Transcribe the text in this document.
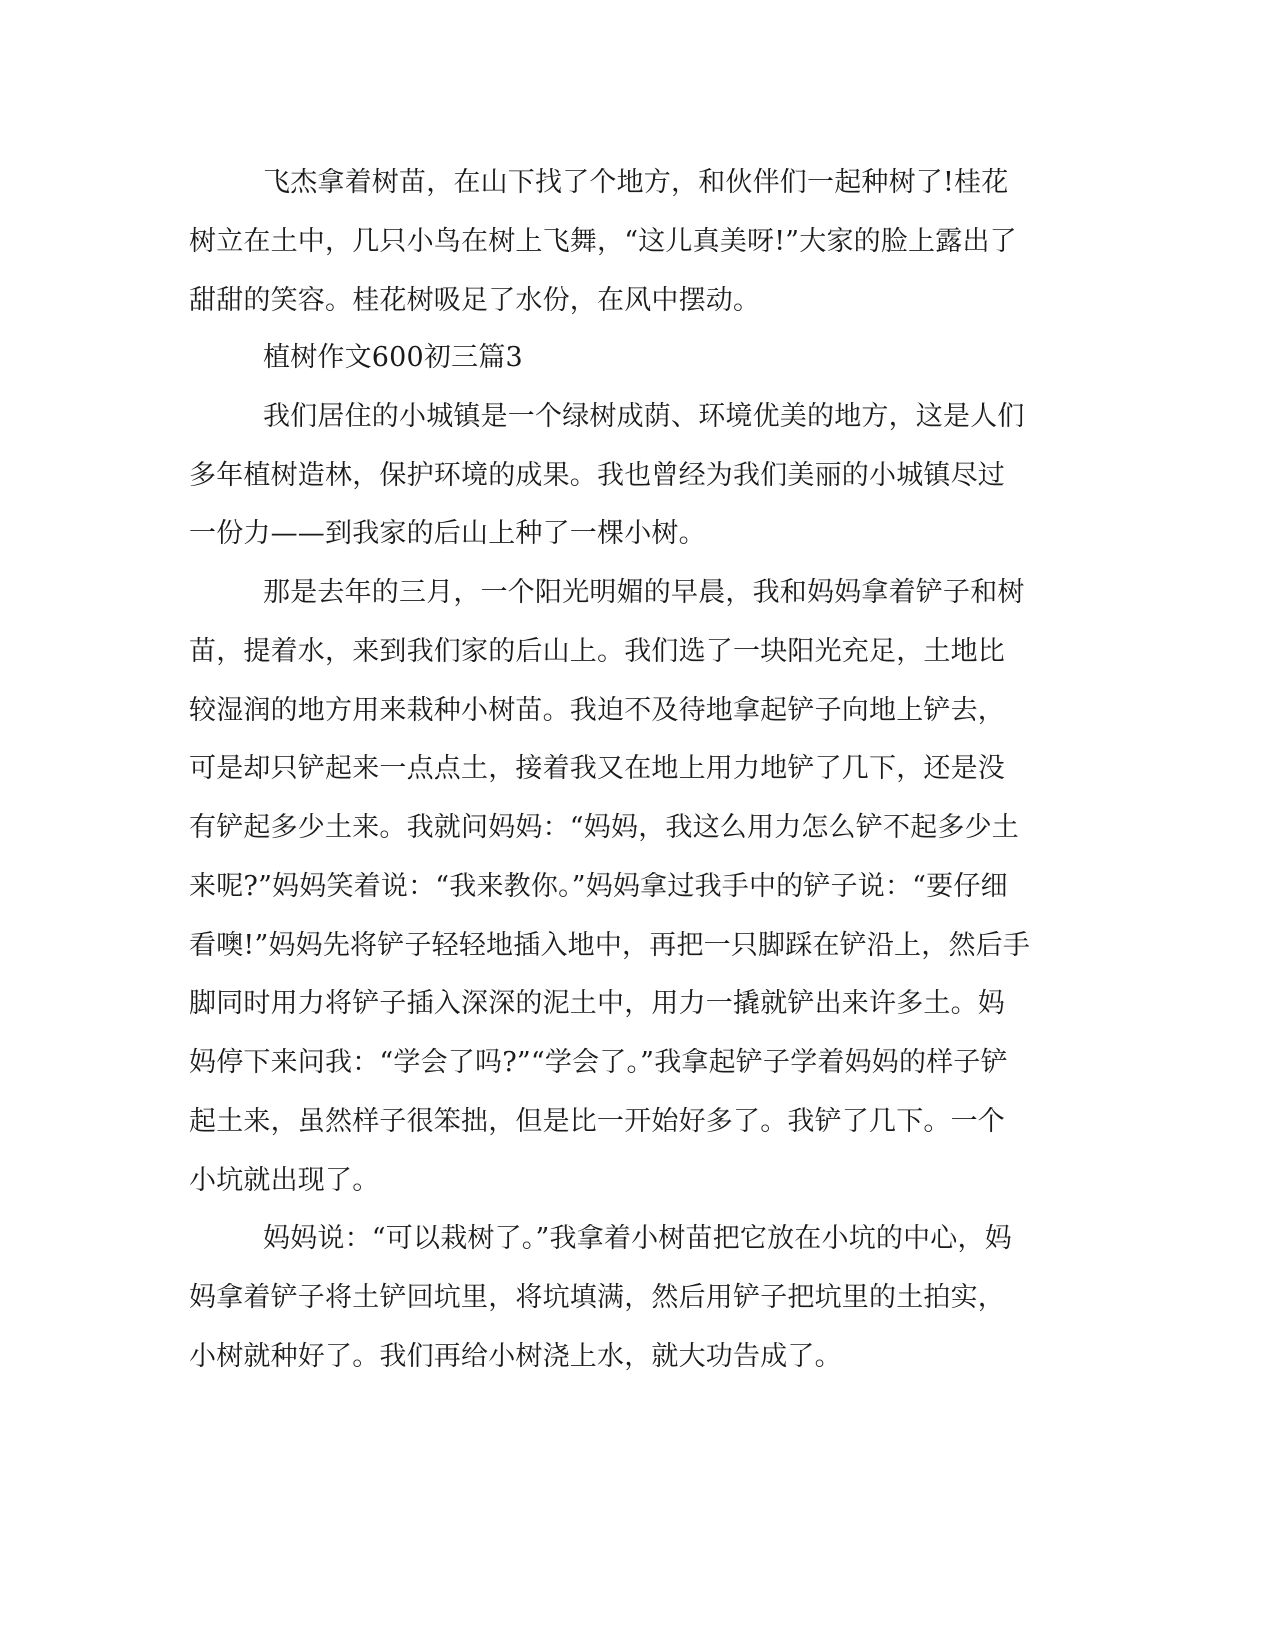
飞杰拿着树苗，在山下找了个地方，和伙伴们一起种树了!桂花

树立在土中，几只小鸟在树上飞舞，“这儿真美呀!”大家的脸上露出了

甜甜的笑容。桂花树吸足了水份，在风中摆动。

植树作文600初三篇3

我们居住的小城镇是一个绿树成荫、环境优美的地方，这是人们

多年植树造林，保护环境的成果。我也曾经为我们美丽的小城镇尽过

一份力——到我家的后山上种了一棵小树。

那是去年的三月，一个阳光明媚的早晨，我和妈妈拿着铲子和树

苗，提着水，来到我们家的后山上。我们选了一块阳光充足，土地比

较湿润的地方用来栽种小树苗。我迫不及待地拿起铲子向地上铲去，

可是却只铲起来一点点土，接着我又在地上用力地铲了几下，还是没

有铲起多少土来。我就问妈妈：“妈妈，我这么用力怎么铲不起多少土

来呢?”妈妈笑着说：“我来教你。”妈妈拿过我手中的铲子说：“要仔细

看噢!”妈妈先将铲子轻轻地插入地中，再把一只脚踩在铲沿上，然后手

脚同时用力将铲子插入深深的泥土中，用力一撬就铲出来许多土。妈

妈停下来问我：“学会了吗?”“学会了。”我拿起铲子学着妈妈的样子铲

起土来，虽然样子很笨拙，但是比一开始好多了。我铲了几下。一个

小坑就出现了。

妈妈说：“可以栽树了。”我拿着小树苗把它放在小坑的中心，妈

妈拿着铲子将土铲回坑里，将坑填满，然后用铲子把坑里的土拍实，

小树就种好了。我们再给小树浇上水，就大功告成了。
